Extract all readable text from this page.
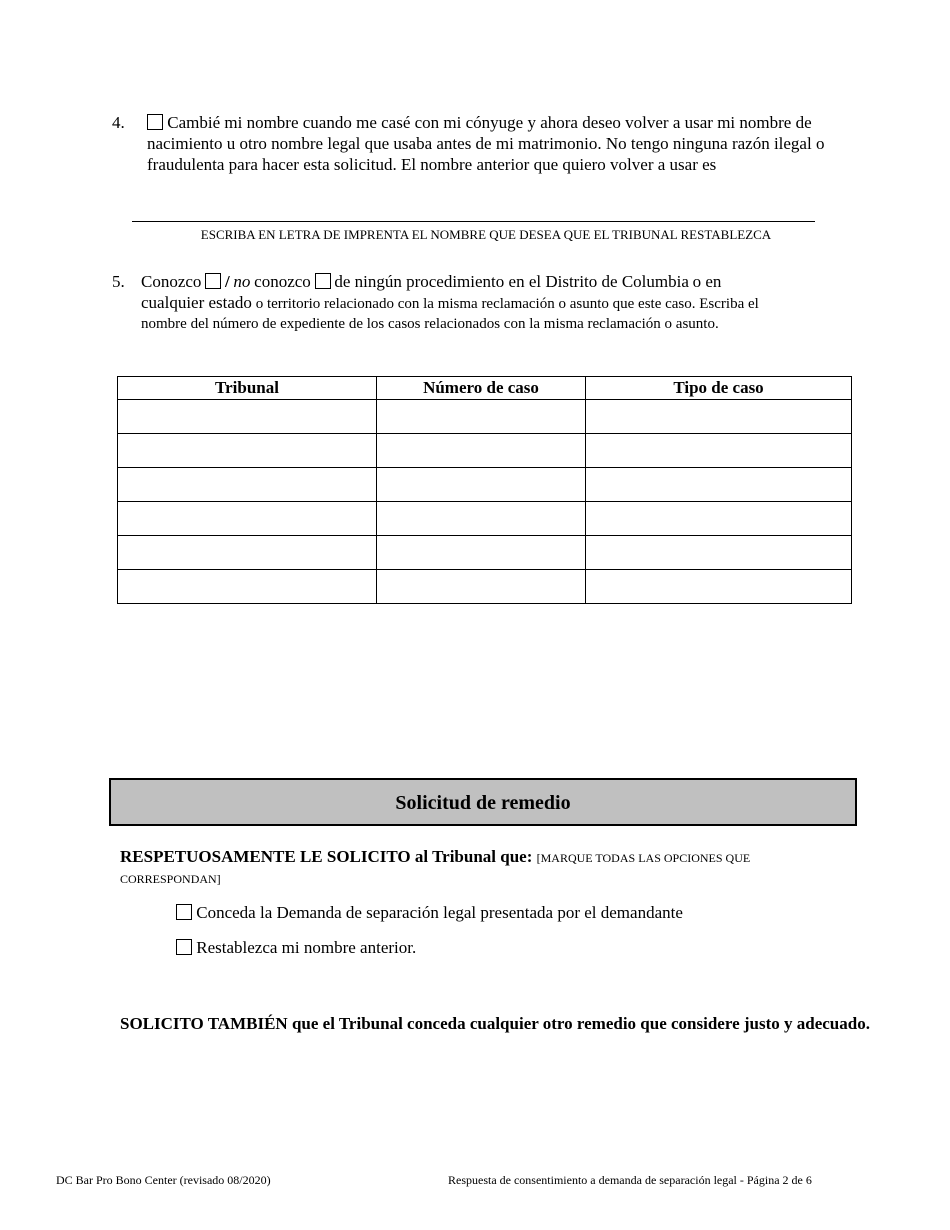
4.	Cambié mi nombre cuando me casé con mi cónyuge y ahora deseo volver a usar mi nombre de nacimiento u otro nombre legal que usaba antes de mi matrimonio. No tengo ninguna razón ilegal o fraudulenta para hacer esta solicitud. El nombre anterior que quiero volver a usar es
ESCRIBA EN LETRA DE IMPRENTA EL NOMBRE QUE DESEA QUE EL TRIBUNAL RESTABLEZCA
5. Conozco / no conozco de ningún procedimiento en el Distrito de Columbia o en cualquier estado o territorio relacionado con la misma reclamación o asunto que este caso. Escriba el nombre del número de expediente de los casos relacionados con la misma reclamación o asunto.
Tribunal	Número de caso	Tipo de caso

Solicitud de remedio
RESPETUOSAMENTE LE SOLICITO al Tribunal que: [MARQUE TODAS LAS OPCIONES QUE CORRESPONDAN]
Conceda la Demanda de separación legal presentada por el demandante
Restablezca mi nombre anterior.
SOLICITO TAMBIÉN que el Tribunal conceda cualquier otro remedio que considere justo y adecuado.
DC Bar Pro Bono Center (revisado 08/2020)	Respuesta de consentimiento a demanda de separación legal - Página 2 de 6
